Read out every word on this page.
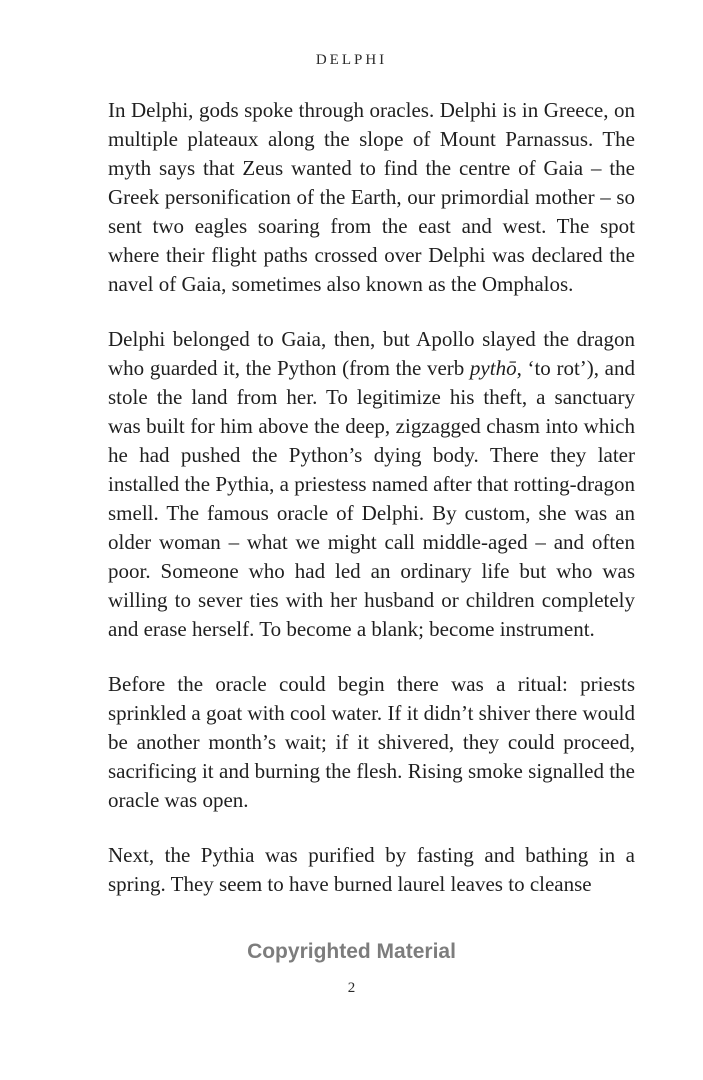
DELPHI

In Delphi, gods spoke through oracles. Delphi is in Greece, on multiple plateaux along the slope of Mount Parnassus. The myth says that Zeus wanted to find the centre of Gaia – the Greek personification of the Earth, our primordial mother – so sent two eagles soaring from the east and west. The spot where their flight paths crossed over Delphi was declared the navel of Gaia, sometimes also known as the Omphalos.

Delphi belonged to Gaia, then, but Apollo slayed the dragon who guarded it, the Python (from the verb pythō, ‘to rot’), and stole the land from her. To legitimize his theft, a sanctuary was built for him above the deep, zigzagged chasm into which he had pushed the Python’s dying body. There they later installed the Pythia, a priestess named after that rotting-dragon smell. The famous oracle of Delphi. By custom, she was an older woman – what we might call middle-aged – and often poor. Someone who had led an ordinary life but who was willing to sever ties with her husband or children completely and erase herself. To become a blank; become instrument.

Before the oracle could begin there was a ritual: priests sprinkled a goat with cool water. If it didn’t shiver there would be another month’s wait; if it shivered, they could proceed, sacrificing it and burning the flesh. Rising smoke signalled the oracle was open.

Next, the Pythia was purified by fasting and bathing in a spring. They seem to have burned laurel leaves to cleanse

Copyrighted Material
2
